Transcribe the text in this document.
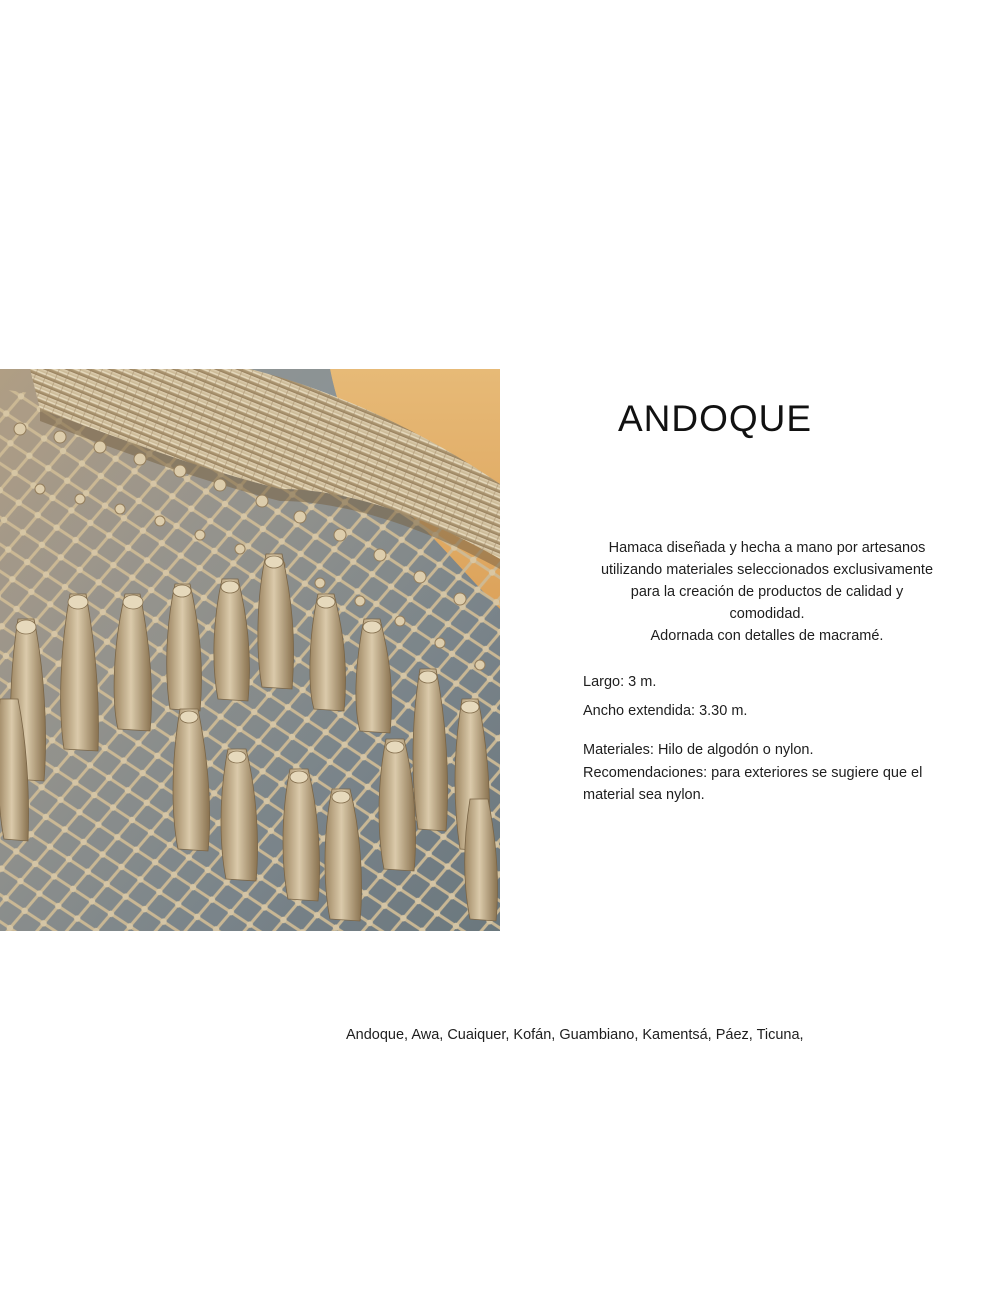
ANDOQUE

Hamaca diseñada y hecha a mano por artesanos utilizando materiales seleccionados exclusivamente para la creación de productos de calidad y comodidad.

Adornada con detalles de macramé.

Largo: 3 m.

Ancho extendida: 3.30 m.

Materiales: Hilo de algodón o nylon.

Recomendaciones: para exteriores se sugiere que el material sea nylon.

Andoque, Awa, Cuaiquer, Kofán, Guambiano, Kamentsá, Páez, Ticuna,
